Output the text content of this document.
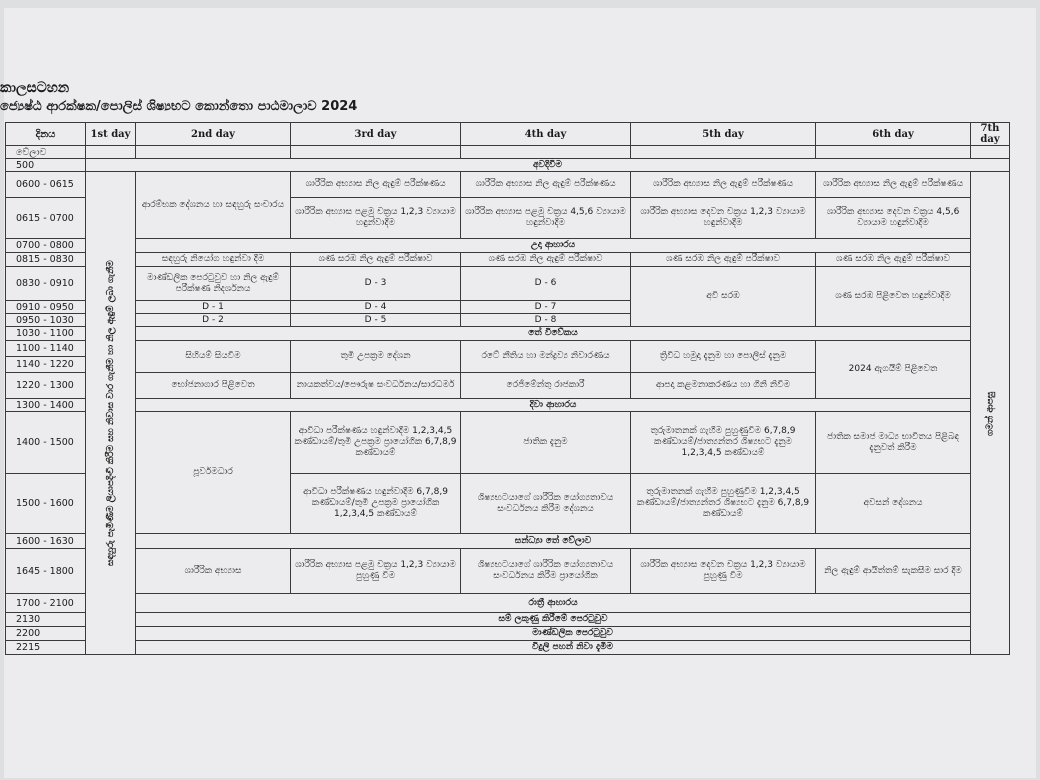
කාලසටහන
ජ්‍යෙෂ්ඨ ආරක්ෂක/පොලිස් ශිෂ්‍යභට කොන්තො පාඨමාලාව 2024
දිනය	1st day	2nd day	3rd day	4th day	5th day	6th day	7th day
වේලාව							
500	අවදිවීම						
0600 - 0615	සඳහුරු පැමිණීම ලියාපදිංචි කිරීම සහ නිවාස වාර ගැනීම හා නිල ඇඳුම් ලබා ගැනීම	ආරම්භක දේශනය හා සඳහුරු සංචාරය	ශාරීරික අභ්‍යාස නිල ඇඳුම් පරීක්ෂණය	ශාරීරික අභ්‍යාස නිල ඇඳුම් පරීක්ෂණය	ශාරීරික අභ්‍යාස නිල ඇඳුම් පරීක්ෂණය	ශාරීරික අභ්‍යාස නිල ඇඳුම් පරීක්ෂණය	ගමන් ආපසු
0615 - 0700			ශාරීරික අභ්‍යාස පළමු චක්‍රය 1,2,3 ව්‍යායාම හඳුන්වාදීම	ශාරීරික අභ්‍යාස පළමු චක්‍රය 4,5,6 ව්‍යායාම හඳුන්වාදීම	ශාරීරික අභ්‍යාස දෙවන චක්‍රය 1,2,3 ව්‍යායාම හඳුන්වාදීම	ශාරීරික අභ්‍යාස දෙවන චක්‍රය 4,5,6 ව්‍යායාම හඳුන්වාදීම	
0700 - 0800		උදා ආහාරය					
0815 - 0830		සඳහුරු නියෝග හඳුන්වා දීම	ශණ සරඹ නිල ඇඳුම් පරීක්ෂාව	ශණ සරඹ නිල ඇඳුම් පරීක්ෂාව	ශණ සරඹ නිල ඇඳුම් පරීක්ෂාව	ශණ සරඹ නිල ඇඳුම් පරීක්ෂාව	
0830 - 0910		මාණ්ඩලික පෙරටුවුව හා නිල ඇඳුම් පරීක්ෂණ නිදර්ශනය	D - 3	D - 6	අවි සරඹ	ශණ සරඹ පිළිවෙත හඳුන්වාදීම	
0910 - 0950		D - 1	D - 4	D - 7			
0950 - 1030		D - 2	D - 5	D - 8			
1030 - 1100		තේ විවේකය					
1100 - 1140		සිහියම් සියවීම	තුමි උපක්‍රම දේශන	රටේ නීතිය හා මන්ද්‍රව්‍ය නිවාරණය	ත්‍රිවිධ හමුදා දැනුම හා පොලිස් දැනුම	2024 ඇගයීම් පිළිවෙත	
1140 - 1220							
1220 - 1300		භෝජනාගාර පිළිවෙත	නායකත්වය/පෞරුෂ සංවර්ධනය/සාරධර්ම	රෙජිමේන්තු රාජකාරී	ආපදා කළමනාකරණය හා ගිනි නිවීම		
1300 - 1400		දිවා ආහාරය					
1400 - 1500		පූර්වමධාර	ආවිධා පරීක්ෂණය හඳුන්වාදීම 1,2,3,4,5 කණ්ඩායම්/තුමි උපක්‍රම ප්‍රායෝගික 6,7,8,9 කණ්ඩායම්	ජාතික දැනුම	තුරුමාතනක් ගැහීම පුහුණුවීම 6,7,8,9 කණ්ඩායම්/ජාත්‍යන්තර ශිෂ්‍යභට දැනුම 1,2,3,4,5 කණ්ඩායම්	ජාතික සමාජ මාධ්‍ය භාවිතය පිළිබඳ දැනුවත් කිරීම	
1500 - 1600			ආවිධා පරීක්ෂණය හඳුන්වාදීම 6,7,8,9 කණ්ඩායම්/තුමි උපක්‍රම ප්‍රායෝගික 1,2,3,4,5 කණ්ඩායම්	ශිෂ්‍යභටයාගේ ශාරීරික යෝග්‍යතාවය සංවර්ධනය කිරීම දේශනය	තුරුමාතනක් ගැහීම පුහුණුවීම 1,2,3,4,5 කණ්ඩායම්/ජාත්‍යන්තර ශිෂ්‍යභට දැනුම 6,7,8,9 කණ්ඩායම්	අවසන් දේශනය	
1600 - 1630		සන්ධ්‍යා තේ වේලාව					
1645 - 1800		ශාරීරික අභ්‍යාස	ශාරීරික අභ්‍යාස පළමු චක්‍රය 1,2,3 ව්‍යායාම පුහුණු වීම	ශිෂ්‍යභටයාගේ ශාරීරික යෝග්‍යතාවය සංවර්ධනය කිරීම ප්‍රායෝගික	ශාරීරික අභ්‍යාස දෙවන චක්‍රය 1,2,3 ව්‍යායාම පුහුණු වීම	නිල ඇඳුම් ආයිත්තම් සැකසීම සාර දීම	
1700 - 2100		රාත්‍රී ආහාරය					
2130		සම් ලකුණු කිරීමේ පෙරටුවුව					
2200		මාණ්ඩලික පෙරටුවුව					
2215		විදුලි පහන් නිවා දැමීම					
